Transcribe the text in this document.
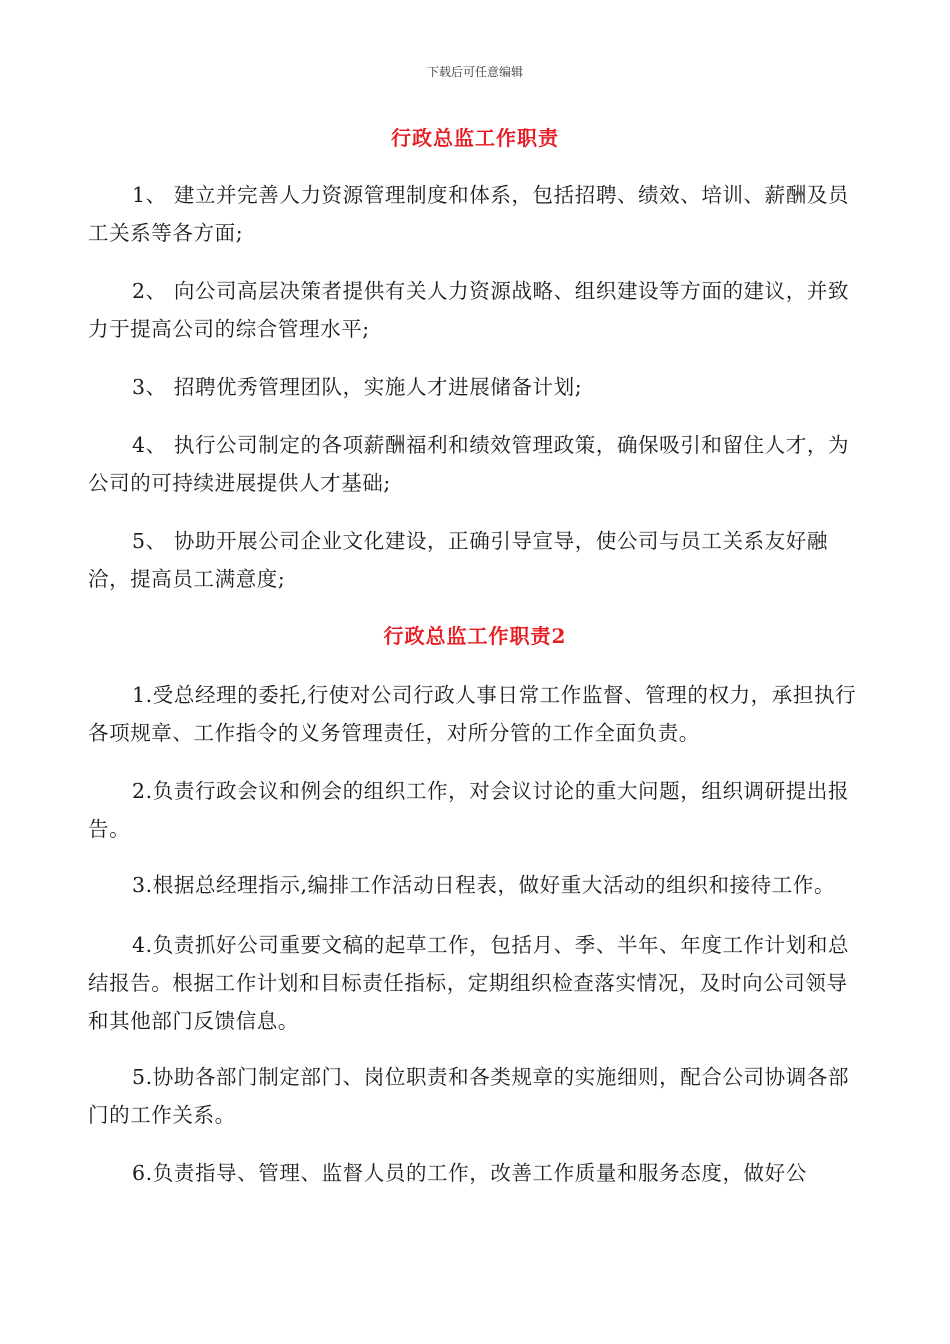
下载后可任意编辑
行政总监工作职责

1、 建立并完善人力资源管理制度和体系，包括招聘、绩效、培训、薪酬及员工关系等各方面;

2、 向公司高层决策者提供有关人力资源战略、组织建设等方面的建议，并致力于提高公司的综合管理水平;

3、 招聘优秀管理团队，实施人才进展储备计划;

4、 执行公司制定的各项薪酬福利和绩效管理政策，确保吸引和留住人才，为公司的可持续进展提供人才基础;

5、 协助开展公司企业文化建设，正确引导宣导，使公司与员工关系友好融洽，提高员工满意度;

行政总监工作职责2

1.受总经理的委托,行使对公司行政人事日常工作监督、管理的权力，承担执行各项规章、工作指令的义务管理责任，对所分管的工作全面负责。

2.负责行政会议和例会的组织工作，对会议讨论的重大问题，组织调研提出报告。

3.根据总经理指示,编排工作活动日程表，做好重大活动的组织和接待工作。

4.负责抓好公司重要文稿的起草工作，包括月、季、半年、年度工作计划和总结报告。根据工作计划和目标责任指标，定期组织检查落实情况，及时向公司领导和其他部门反馈信息。

5.协助各部门制定部门、岗位职责和各类规章的实施细则，配合公司协调各部门的工作关系。

6.负责指导、管理、监督人员的工作，改善工作质量和服务态度，做好公
